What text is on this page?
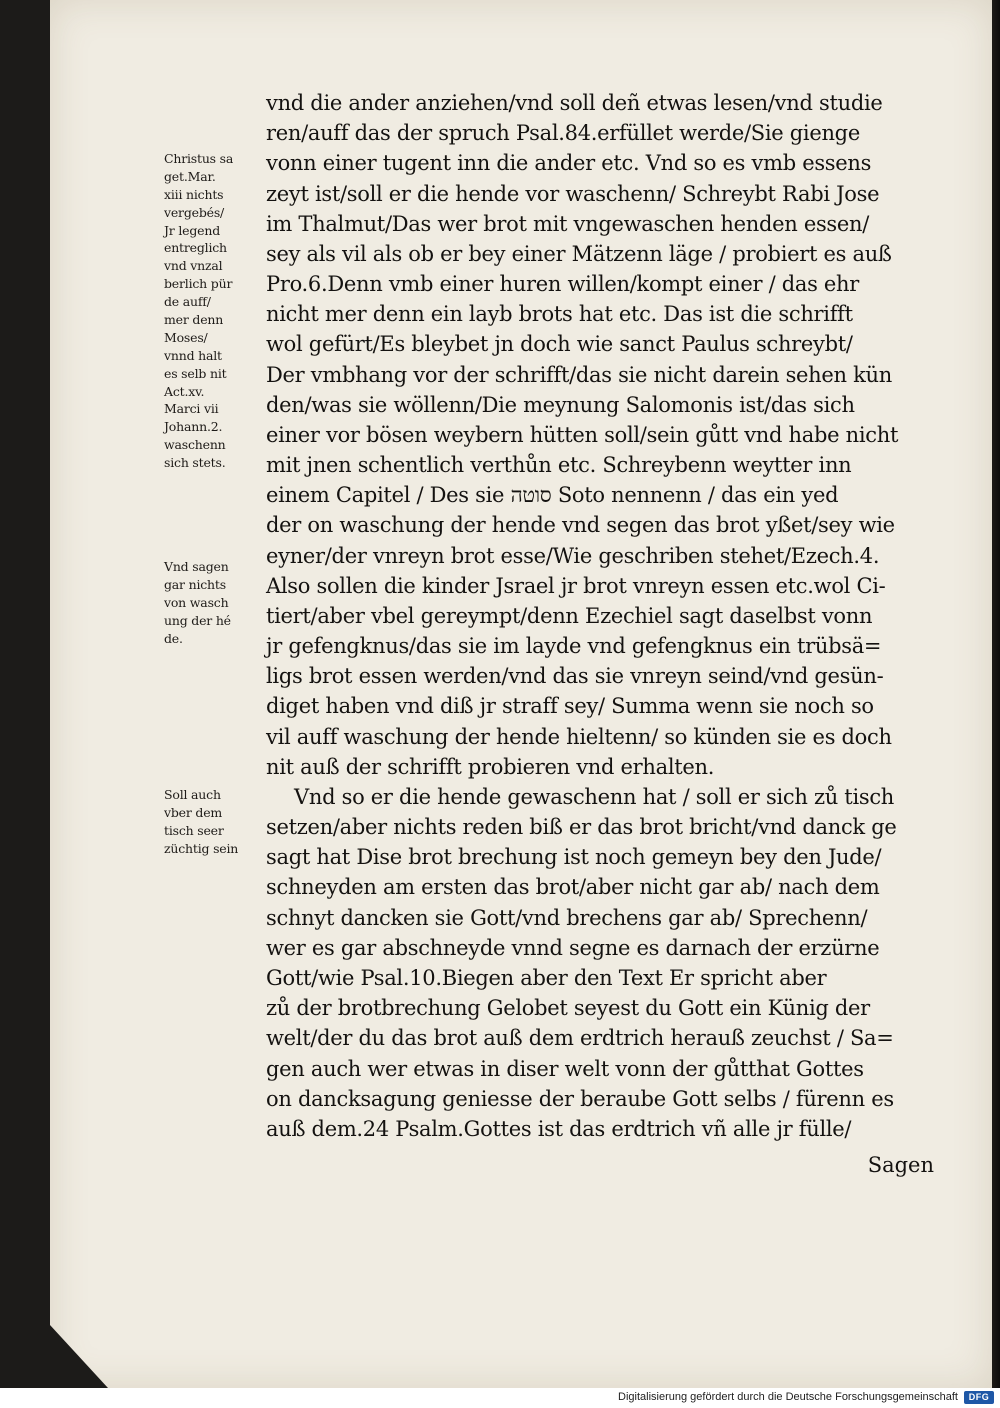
Christus sa
get.Mar.
xiii nichts
vergebés/
Jr legend
entreglich
vnd vnzal
berlich pür
de auff/
mer denn
Moses/
vnnd halt
es selb nit
Act.xv.
Marci vii
Johann.2.
waschenn
sich stets.
Vnd sagen
gar nichts
von wasch
ung der hé
de.
Soll auch
vber dem
tisch seer
züchtig sein
vnd die ander anziehen/vnd soll deñ etwas lesen/vnd studie
ren/auff das der spruch Psal.84.erfüllet werde/Sie gienge
vonn einer tugent inn die ander etc. Vnd so es vmb essens
zeyt ist/soll er die hende vor waschenn/ Schreybt Rabi Jose
im Thalmut/Das wer brot mit vngewaschen henden essen/
sey als vil als ob er bey einer Mätzenn läge / probiert es auß
Pro.6.Denn vmb einer huren willen/kompt einer / das ehr
nicht mer denn ein layb brots hat etc. Das ist die schrifft
wol gefürt/Es bleybet jn doch wie sanct Paulus schreybt/
Der vmbhang vor der schrifft/das sie nicht darein sehen kün
den/was sie wöllenn/Die meynung Salomonis ist/das sich
einer vor bösen weybern hütten soll/sein gůtt vnd habe nicht
mit jnen schentlich verthůn etc. Schreybenn weytter inn
einem Capitel / Des sie סוטה Soto nennenn / das ein yed
der on waschung der hende vnd segen das brot yßet/sey wie
eyner/der vnreyn brot esse/Wie geschriben stehet/Ezech.4.
Also sollen die kinder Jsrael jr brot vnreyn essen etc.wol Ci-
tiert/aber vbel gereympt/denn Ezechiel sagt daselbst vonn
jr gefengknus/das sie im layde vnd gefengknus ein trübsä=
ligs brot essen werden/vnd das sie vnreyn seind/vnd gesün-
diget haben vnd diß jr straff sey/ Summa wenn sie noch so
vil auff waschung der hende hieltenn/ so künden sie es doch
nit auß der schrifft probieren vnd erhalten.
Vnd so er die hende gewaschenn hat / soll er sich zů tisch
setzen/aber nichts reden biß er das brot bricht/vnd danck ge
sagt hat Dise brot brechung ist noch gemeyn bey den Jude/
schneyden am ersten das brot/aber nicht gar ab/ nach dem
schnyt dancken sie Gott/vnd brechens gar ab/ Sprechenn/
wer es gar abschneyde vnnd segne es darnach der erzürne
Gott/wie Psal.10.Biegen aber den Text Er spricht aber
zů der brotbrechung Gelobet seyest du Gott ein Künig der
welt/der du das brot auß dem erdtrich herauß zeuchst / Sa=
gen auch wer etwas in diser welt vonn der gůtthat Gottes
on dancksagung geniesse der beraube Gott selbs / fürenn es
auß dem.24 Psalm.Gottes ist das erdtrich vñ alle jr fülle/
Sagen
Digitalisierung gefördert durch die Deutsche Forschungsgemeinschaft	DFG
